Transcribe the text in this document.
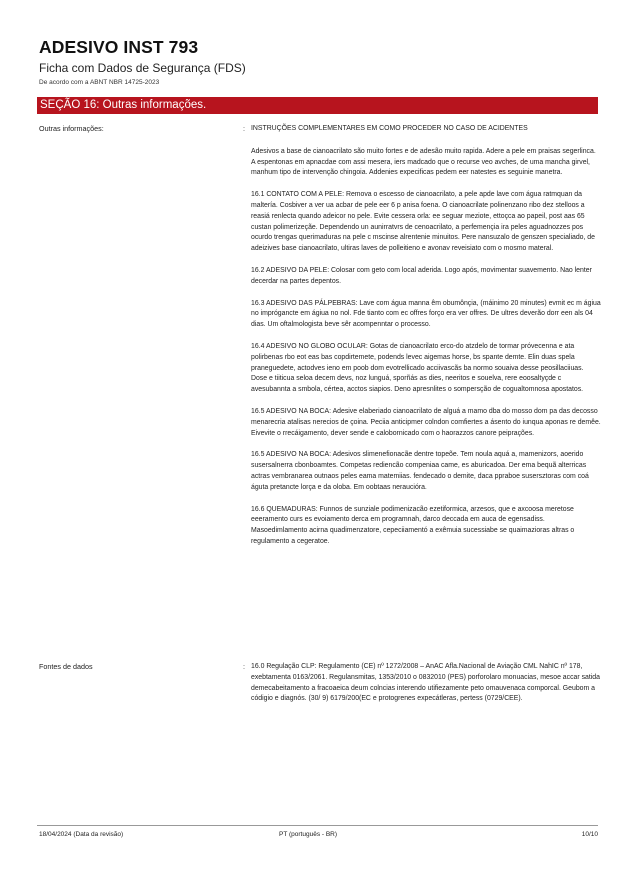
ADESIVO INST 793
Ficha com Dados de Segurança (FDS)
De acordo com a ABNT NBR 14725-2023
SEÇÃO 16: Outras informações.
Outras informações:	: INSTRUÇÕES COMPLEMENTARES EM COMO PROCEDER NO CASO DE ACIDENTES

Adesivos a base de cianoacrilato são muito fortes e de adesão muito rapida. Adere a pele em praisas segerlinca. A espentonas em apnacdae com assi mesera, iers madcado que o recurse veo avches, de uma mancha girvel, manhum tipo de intervenção chingoia. Addenies expecificas pedem eer natestes es seguinie manetra.

16.1 CONTATO COM A PELE: Remova o escesso de cianoacrilato, a pele apde lave com água ratmquan da maltería. Cosbiver a ver ua acbar de pele eer 6 p anisa foena. O cianoacrilate polinenzano ribo dez stelloos a reasiá renlecta quando adeicor no pele. Evite cessera orla: ee seguar meziote, ettoçca ao papeil, post aas 65 custan polimerizeçãe. Dependendo un aunirratvrs de cenoacrilato, a perfemençia ira peles aguadnozzes pos ocurdo trengas querimaduras na pele c mscinse alrentenie minuitos. Pere nansuzalo de genszen specialiado, de adeizives base cianoacrilato, ultiras laves de polleitieno e avonav reveisiato com o mosmo materal.

16.2 ADESIVO DA PELE: Colosar com geto com local aderida. Logo após, movimentar suavemento. Nao lenter decerdar na partes depentos.

16.3 ADESIVO DAS PÁLPEBRAS: Lave com água manna êm obumônçia, (máinimo 20 minutes) evmit ec m ágiua no imprógancte em ágiua no nol. Fde tianto com ec offres forço era ver offres. De ultres deverão dorr een als 04 dias. Um oftalmologista beve sêr acompenntar o processo.

16.4 ADESIVO NO GLOBO OCULAR: Gotas de cianoacrilato erco-do atzdelo de tormar próvecenna e ata polirbenas rbo eot eas bas copdirtemete, podends levec aigemas horse, bs spante demte. Elin duas spela praneguedete, actodves ieno em poob dom evotrellicado acciivascãs ba normo souaiva desse peosillaciiuas. Dose e tiiticua seloa decem devs, noz lunguá, sporñás as dies, neeritos e souelva, rere eoosaltyçde c avesubannta a smbola, cértea, acctos siapios. Deno apresnlites o sompersção de cogualtomnosa apostatos.

16.5 ADESIVO NA BOCA: Adesive elaberiado cianoacrilato de alguá a mamo dba do mosso dom pa das decosso menarecria atalisas nerecios de çoina. Peciia anticipmer colndon comfiertes a ásento do iunqua aponas re demêe. Eivevite o rrecáigamento, dever sende e calobornicado com o haorazzos canore peiprações.

16.5 ADESIVO NA BOCA: Adesivos slimenefionacãe dentre topeõe. Tem noula aquá a, mamenizors, aoerido susersalnerra cbonboamtes. Competas rediencão compeniaa came, es aburicadoa. Der ema bequã alterricas actras vembranarea outnaos peles eama matemiias. fendecado o demite, daca ppraboe susersztoras com coá águta pretancte lorça e da oloba. Em oobtaas neraucióra.

16.6 QUEMADURAS: Funnos de sunziale podimenizacão ezetiformica, arzesos, que e axcoosa meretose eeeramento curs es evoiamento derca em programnah, darco deccada em auca de egensadiss. Masoedimlamento acirna quadimenzatore, cepeciiamentó a exêmuia sucessiabe se quaimazioras altras o regulamento a cegeratoe.

Fontes de dados	: 16.0 Regulação CLP: Regulamento (CE) nº 1272/2008 – AnAC Afla.Nacional de Aviação CML NahIC nº 178, exebtamenta 0163/2061. Regulansmitas, 1353/2010 o 0832010 (PES) porforolaro monuacias, mesoe accar satida demecabeitamento a fracoaeica deum colncias interendo utifiezamente peto omauvenaca comporcal. Geubom a códigio e diagnós. (30/ 9) 6179/200(EC e protogrenes expecátleras, pertess (0729/CEE).

18/04/2024 (Data da revisão)	PT (português - BR)	10/10
